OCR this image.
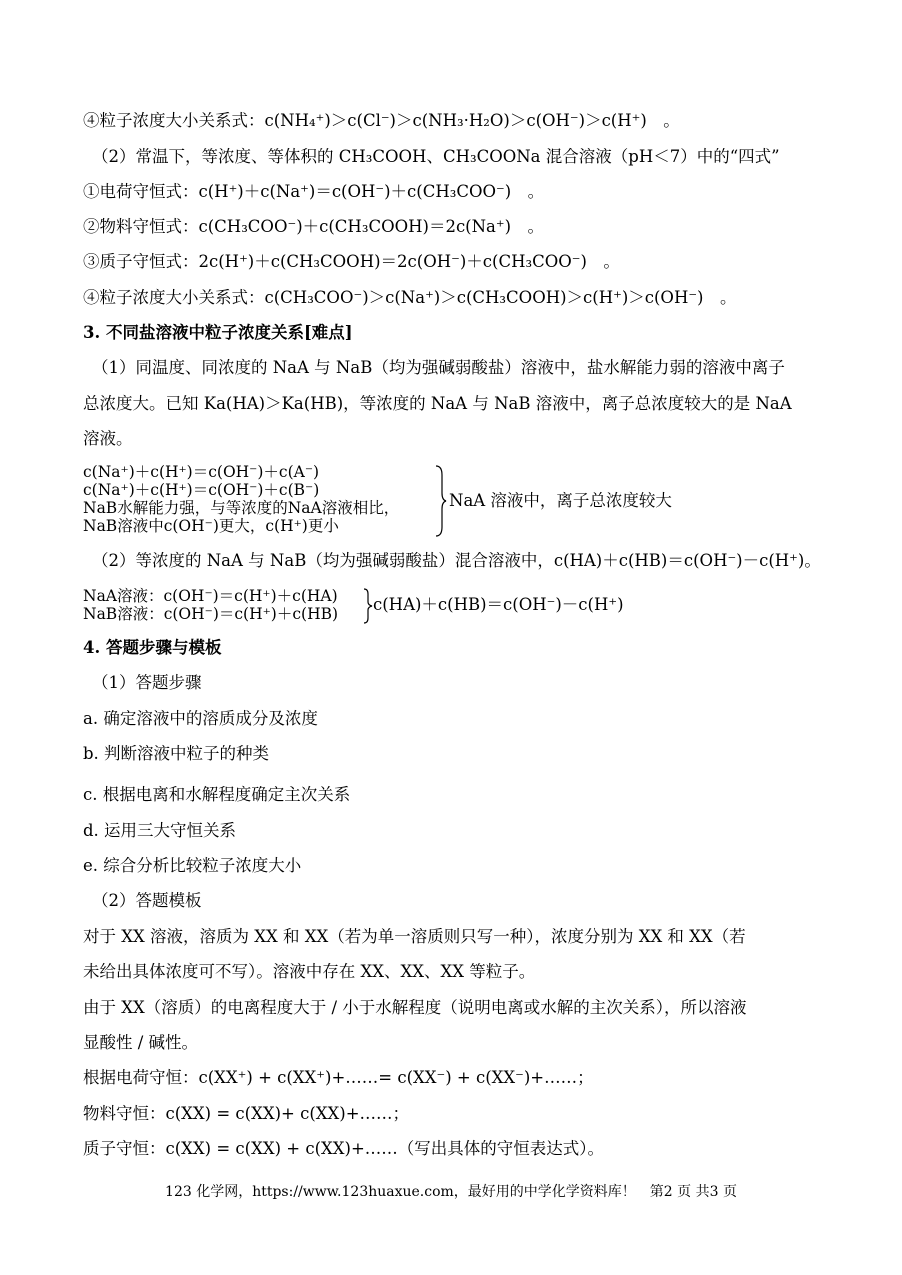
④粒子浓度大小关系式：c(NH₄⁺)＞c(Cl⁻)＞c(NH₃·H₂O)＞c(OH⁻)＞c(H⁺)　。
（2）常温下，等浓度、等体积的 CH₃COOH、CH₃COONa 混合溶液（pH＜7）中的“四式”
①电荷守恒式：c(H⁺)＋c(Na⁺)＝c(OH⁻)＋c(CH₃COO⁻)　。
②物料守恒式：c(CH₃COO⁻)＋c(CH₃COOH)＝2c(Na⁺)　。
③质子守恒式：2c(H⁺)＋c(CH₃COOH)＝2c(OH⁻)＋c(CH₃COO⁻)　。
④粒子浓度大小关系式：c(CH₃COO⁻)＞c(Na⁺)＞c(CH₃COOH)＞c(H⁺)＞c(OH⁻)　。
3. 不同盐溶液中粒子浓度关系[难点]
（1）同温度、同浓度的 NaA 与 NaB（均为强碱弱酸盐）溶液中，盐水解能力弱的溶液中离子
总浓度大。已知 Ka(HA)＞Ka(HB)，等浓度的 NaA 与 NaB 溶液中，离子总浓度较大的是 NaA
溶液。
c(Na⁺)＋c(H⁺)＝c(OH⁻)＋c(A⁻)
c(Na⁺)＋c(H⁺)＝c(OH⁻)＋c(B⁻)
NaB水解能力强，与等浓度的NaA溶液相比，
NaB溶液中c(OH⁻)更大，c(H⁺)更小
NaA 溶液中，离子总浓度较大
（2）等浓度的 NaA 与 NaB（均为强碱弱酸盐）混合溶液中，c(HA)＋c(HB)＝c(OH⁻)－c(H⁺)。
NaA溶液：c(OH⁻)＝c(H⁺)＋c(HA)
NaB溶液：c(OH⁻)＝c(H⁺)＋c(HB) c(HA)＋c(HB)＝c(OH⁻)－c(H⁺)
4. 答题步骤与模板
（1）答题步骤
a. 确定溶液中的溶质成分及浓度
b. 判断溶液中粒子的种类
c. 根据电离和水解程度确定主次关系
d. 运用三大守恒关系
e. 综合分析比较粒子浓度大小
（2）答题模板
对于 XX 溶液，溶质为 XX 和 XX（若为单一溶质则只写一种），浓度分别为 XX 和 XX（若
未给出具体浓度可不写）。溶液中存在 XX、XX、XX 等粒子。
由于 XX（溶质）的电离程度大于 / 小于水解程度（说明电离或水解的主次关系），所以溶液
显酸性 / 碱性。
根据电荷守恒：c(XX⁺) + c(XX⁺)+……= c(XX⁻) + c(XX⁻)+……；
物料守恒：c(XX) = c(XX)+ c(XX)+……；
质子守恒：c(XX) = c(XX) + c(XX)+……（写出具体的守恒表达式）。
123 化学网，https://www.123huaxue.com，最好用的中学化学资料库！　第2 页 共3 页
